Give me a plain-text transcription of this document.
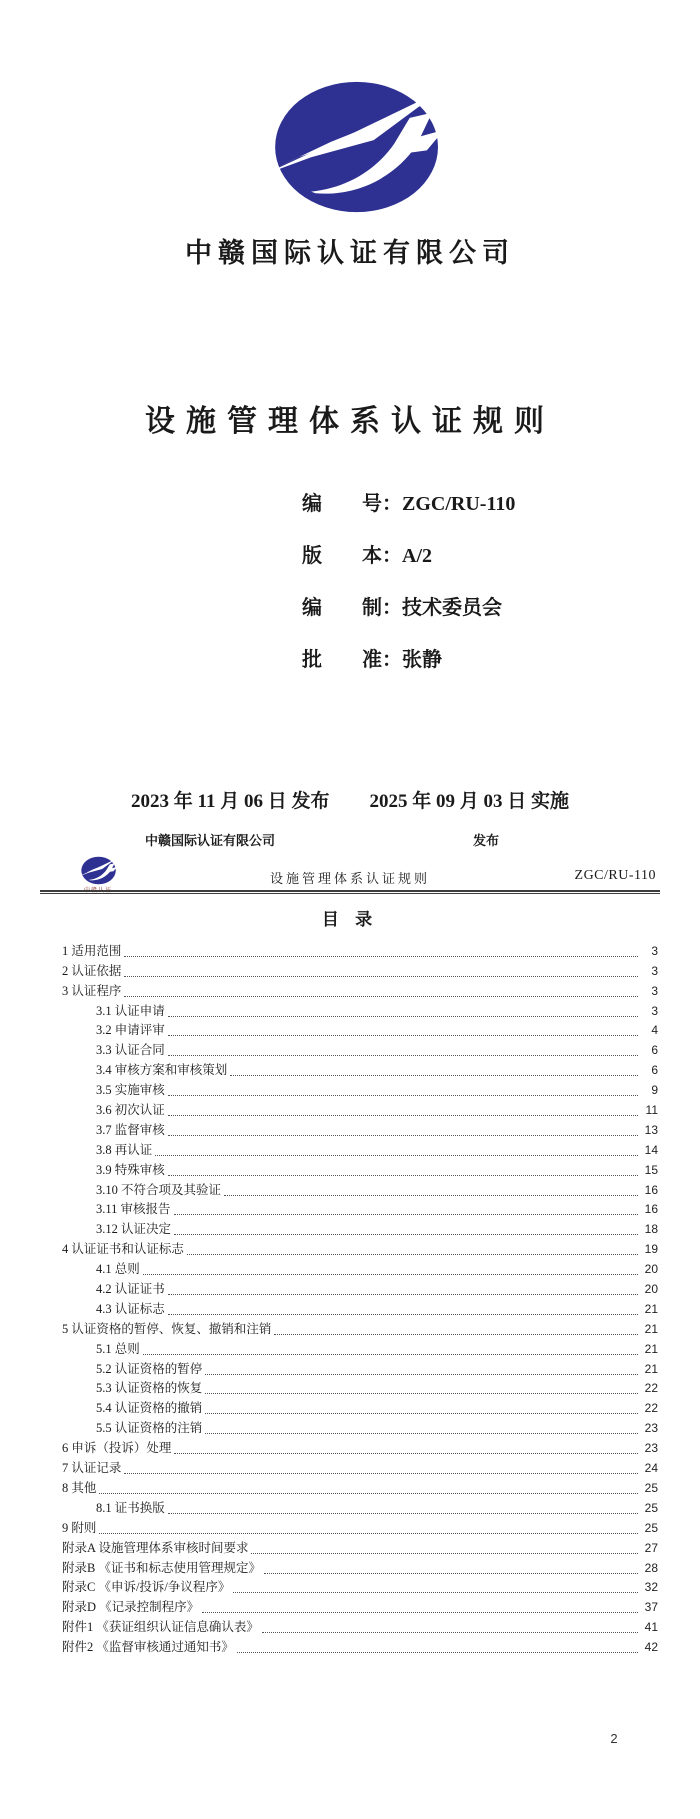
中赣国际认证有限公司
设施管理体系认证规则

编　　号：ZGC/RU-110

版　　本：A/2

编　　制：技术委员会

批　　准：张静

2023 年 11 月 06 日 发布 2025 年 09 月 03 日 实施
中赣国际认证有限公司	发布
中赣认证
设施管理体系认证规则	ZGC/RU-110
目 录
1 适用范围	3
2 认证依据	3
3 认证程序	3
3.1 认证申请	3
3.2 申请评审	4
3.3 认证合同	6
3.4 审核方案和审核策划	6
3.5 实施审核	9
3.6 初次认证	11
3.7 监督审核	13
3.8 再认证	14
3.9 特殊审核	15
3.10 不符合项及其验证	16
3.11 审核报告	16
3.12 认证决定	18
4 认证证书和认证标志	19
4.1 总则	20
4.2 认证证书	20
4.3 认证标志	21
5 认证资格的暂停、恢复、撤销和注销	21
5.1 总则	21
5.2 认证资格的暂停	21
5.3 认证资格的恢复	22
5.4 认证资格的撤销	22
5.5 认证资格的注销	23
6 申诉（投诉）处理	23
7 认证记录	24
8 其他	25
8.1 证书换版	25
9 附则	25
附录A 设施管理体系审核时间要求	27
附录B 《证书和标志使用管理规定》	28
附录C 《申诉/投诉/争议程序》	32
附录D 《记录控制程序》	37
附件1 《获证组织认证信息确认表》	41
附件2 《监督审核通过通知书》	42
2
